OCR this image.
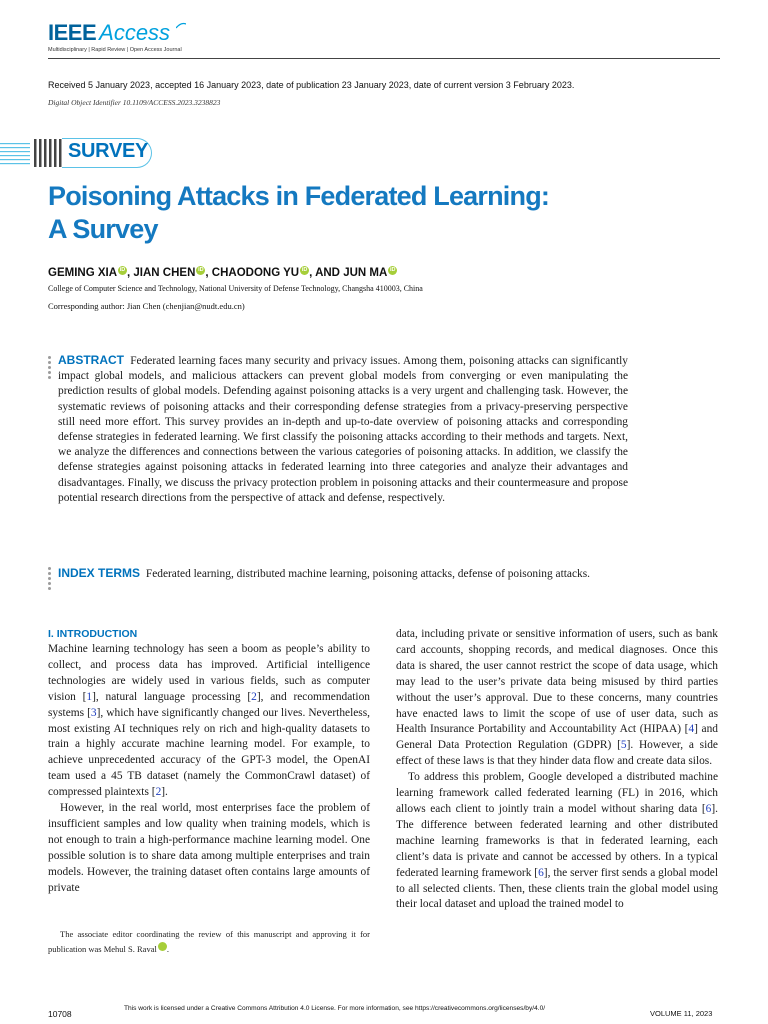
IEEE Access
Multidisciplinary | Rapid Review | Open Access Journal
Received 5 January 2023, accepted 16 January 2023, date of publication 23 January 2023, date of current version 3 February 2023.
Digital Object Identifier 10.1109/ACCESS.2023.3238823
SURVEY
Poisoning Attacks in Federated Learning:
A Survey
GEMING XIA iD , JIAN CHEN iD , CHAODONG YU iD , AND JUN MA iD
College of Computer Science and Technology, National University of Defense Technology, Changsha 410003, China
Corresponding author: Jian Chen (chenjian@nudt.edu.cn)
ABSTRACT Federated learning faces many security and privacy issues. Among them, poisoning attacks can significantly impact global models, and malicious attackers can prevent global models from converging or even manipulating the prediction results of global models. Defending against poisoning attacks is a very urgent and challenging task. However, the systematic reviews of poisoning attacks and their corresponding defense strategies from a privacy-preserving perspective still need more effort. This survey provides an in-depth and up-to-date overview of poisoning attacks and corresponding defense strategies in federated learning. We first classify the poisoning attacks according to their methods and targets. Next, we analyze the differences and connections between the various categories of poisoning attacks. In addition, we classify the defense strategies against poisoning attacks in federated learning into three categories and analyze their advantages and disadvantages. Finally, we discuss the privacy protection problem in poisoning attacks and their countermeasure and propose potential research directions from the perspective of attack and defense, respectively.
INDEX TERMS Federated learning, distributed machine learning, poisoning attacks, defense of poisoning attacks.
I. INTRODUCTION

Machine learning technology has seen a boom as people’s ability to collect, and process data has improved. Artificial intelligence technologies are widely used in various fields, such as computer vision [1], natural language processing [2], and recommendation systems [3], which have significantly changed our lives. Nevertheless, most existing AI techniques rely on rich and high-quality datasets to train a highly accurate machine learning model. For example, to achieve unprecedented accuracy of the GPT-3 model, the OpenAI team used a 45 TB dataset (namely the CommonCrawl dataset) of compressed plaintexts [2].

However, in the real world, most enterprises face the problem of insufficient samples and low quality when training models, which is not enough to train a high-performance machine learning model. One possible solution is to share data among multiple enterprises and train models. However, the training dataset often contains large amounts of private

data, including private or sensitive information of users, such as bank card accounts, shopping records, and medical diagnoses. Once this data is shared, the user cannot restrict the scope of data usage, which may lead to the user’s private data being misused by third parties without the user’s approval. Due to these concerns, many countries have enacted laws to limit the scope of use of user data, such as Health Insurance Portability and Accountability Act (HIPAA) [4] and General Data Protection Regulation (GDPR) [5]. However, a side effect of these laws is that they hinder data flow and create data silos.

To address this problem, Google developed a distributed machine learning framework called federated learning (FL) in 2016, which allows each client to jointly train a model without sharing data [6]. The difference between federated learning and other distributed machine learning frameworks is that in federated learning, each client’s data is private and cannot be accessed by others. In a typical federated learning framework [6], the server first sends a global model to all selected clients. Then, these clients train the global model using their local dataset and upload the trained model to

The associate editor coordinating the review of this manuscript and approving it for publication was Mehul S. Raval iD.

10708
This work is licensed under a Creative Commons Attribution 4.0 License. For more information, see https://creativecommons.org/licenses/by/4.0/
VOLUME 11, 2023
